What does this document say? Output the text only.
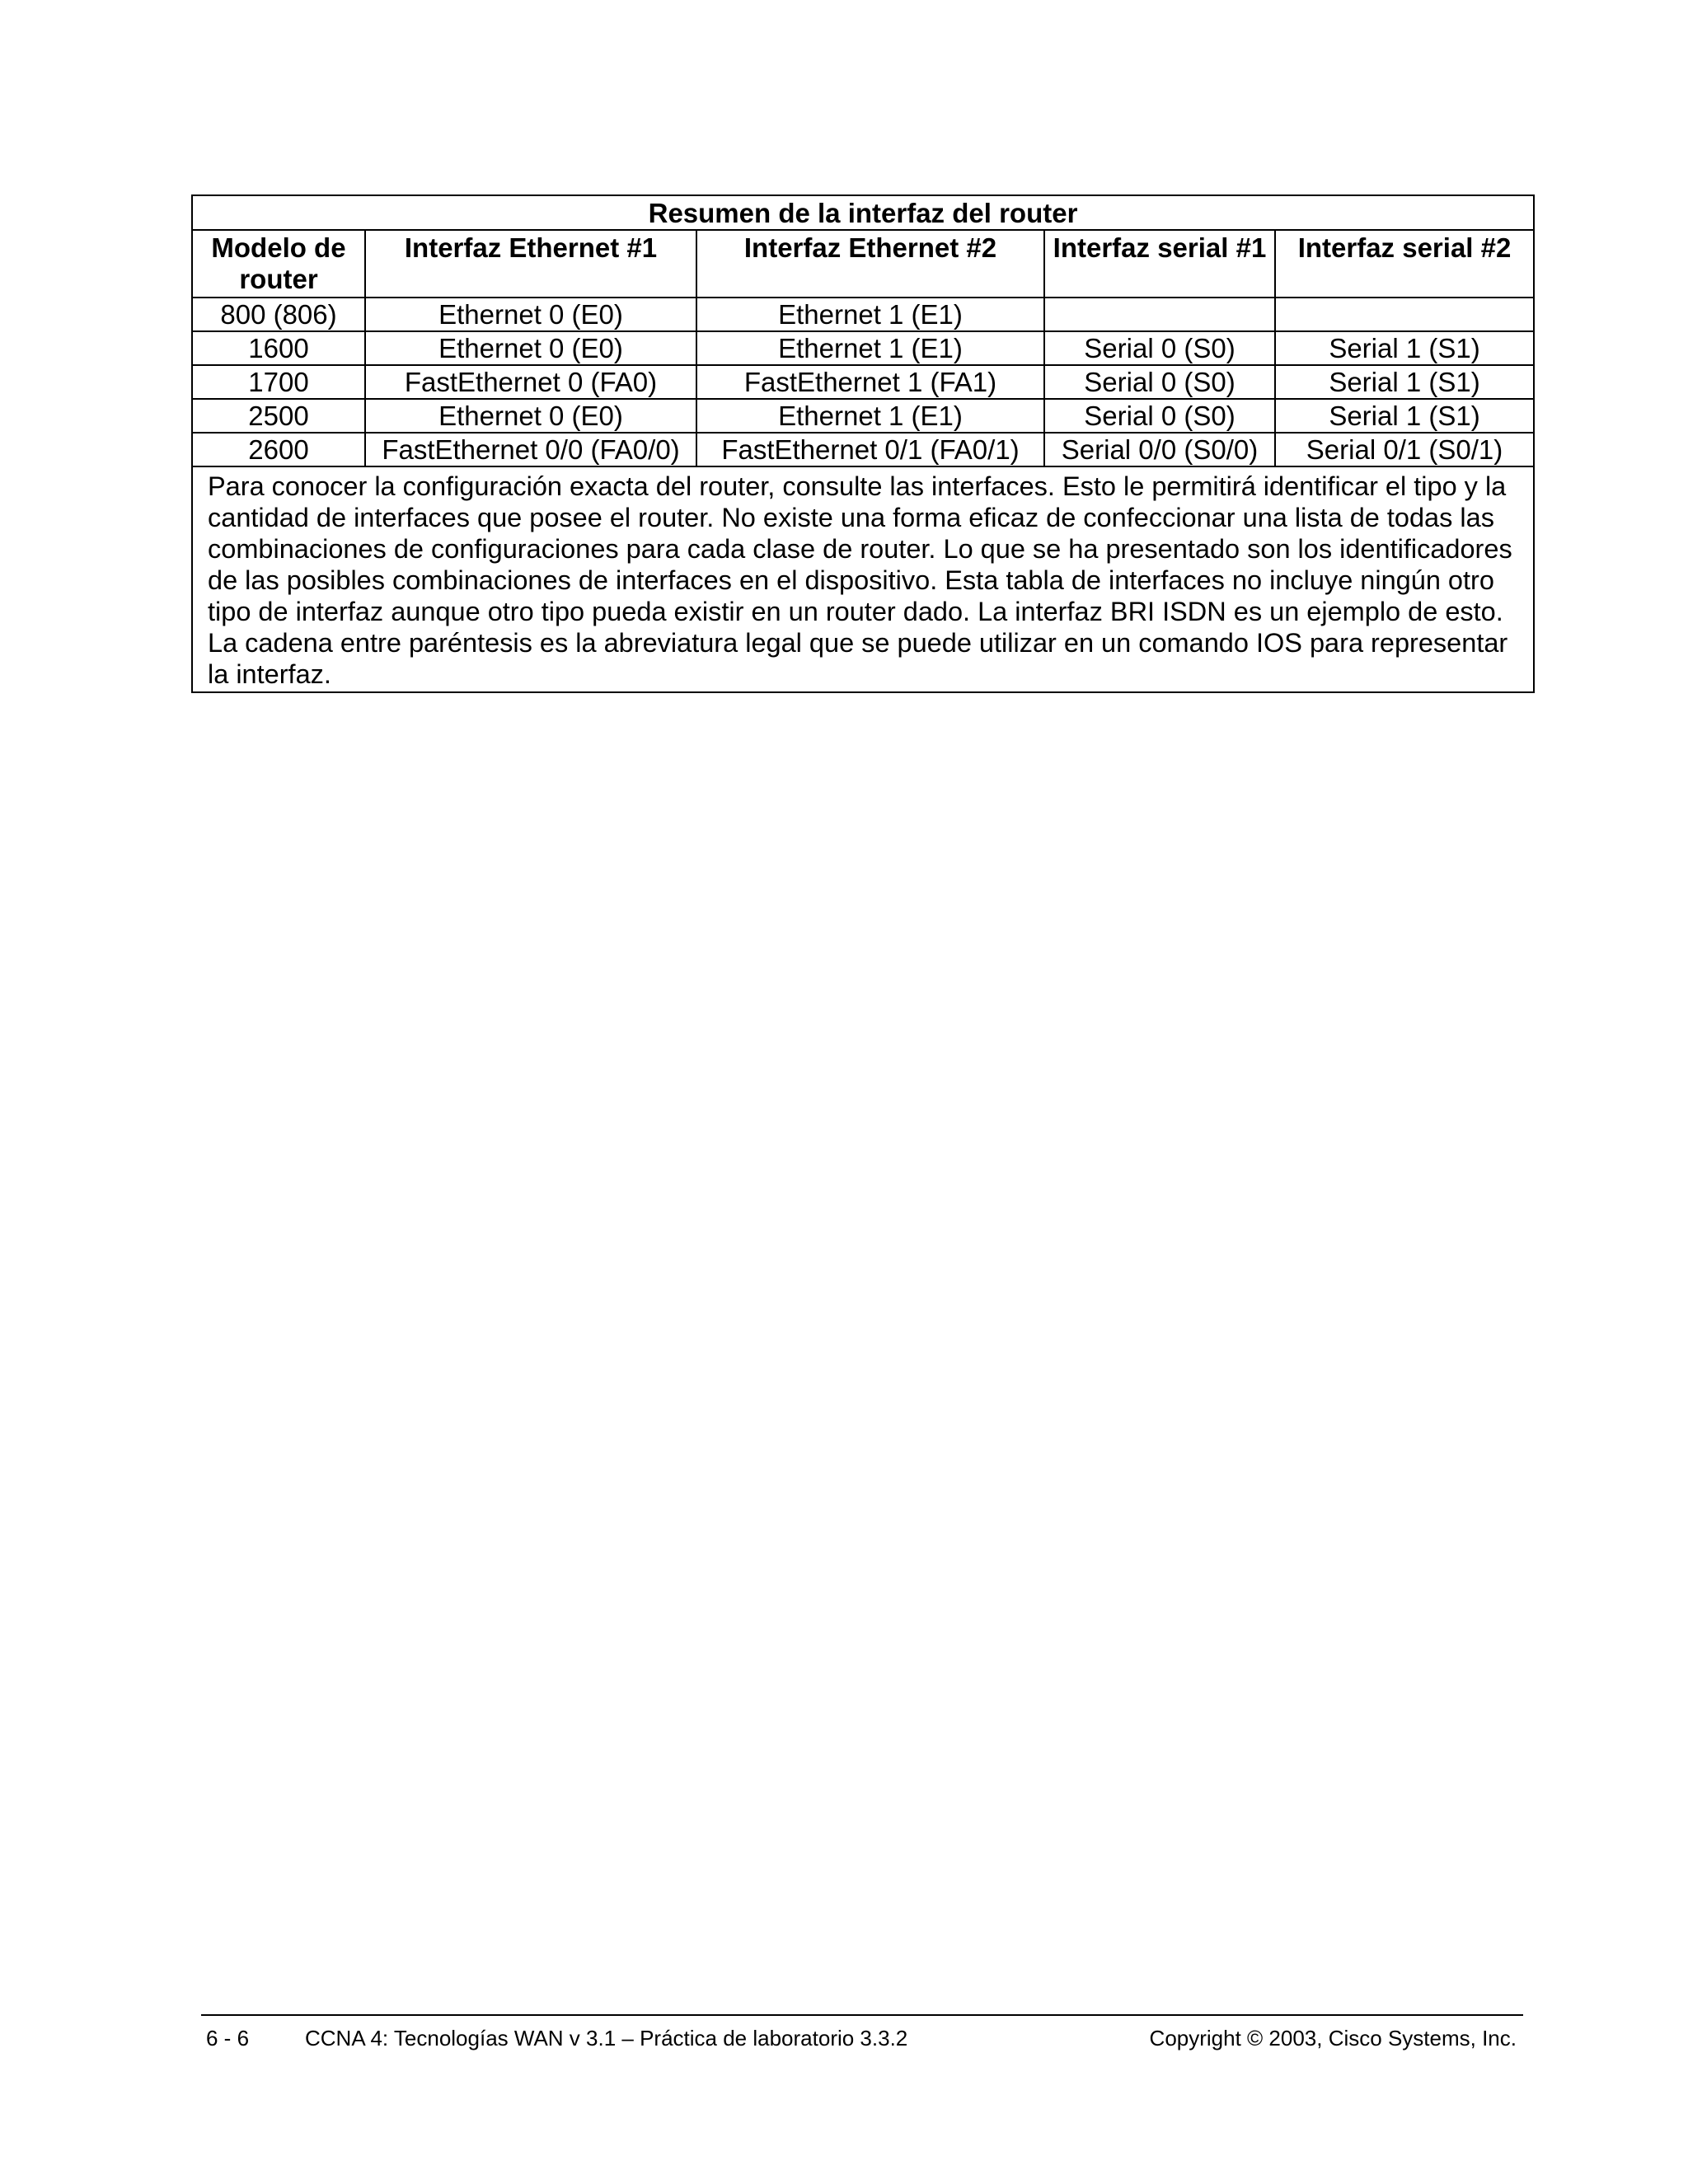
Resumen de la interfaz del router				
Modelo de router	Interfaz Ethernet #1	Interfaz Ethernet #2	Interfaz serial #1	Interfaz serial #2
800 (806)	Ethernet 0 (E0)	Ethernet 1 (E1)		
1600	Ethernet 0 (E0)	Ethernet 1 (E1)	Serial 0 (S0)	Serial 1 (S1)
1700	FastEthernet 0 (FA0)	FastEthernet 1 (FA1)	Serial 0 (S0)	Serial 1 (S1)
2500	Ethernet 0 (E0)	Ethernet 1 (E1)	Serial 0 (S0)	Serial 1 (S1)
2600	FastEthernet 0/0 (FA0/0)	FastEthernet 0/1 (FA0/1)	Serial 0/0 (S0/0)	Serial 0/1 (S0/1)
Para conocer la configuración exacta del router, consulte las interfaces. Esto le permitirá identificar el tipo y la cantidad de interfaces que posee el router. No existe una forma eficaz de confeccionar una lista de todas las combinaciones de configuraciones para cada clase de router. Lo que se ha presentado son los identificadores de las posibles combinaciones de interfaces en el dispositivo. Esta tabla de interfaces no incluye ningún otro tipo de interfaz aunque otro tipo pueda existir en un router dado. La interfaz BRI ISDN es un ejemplo de esto. La cadena entre paréntesis es la abreviatura legal que se puede utilizar en un comando IOS para representar la interfaz.				
6 - 6	CCNA 4: Tecnologías WAN v 3.1 – Práctica de laboratorio 3.3.2	Copyright © 2003, Cisco Systems, Inc.
